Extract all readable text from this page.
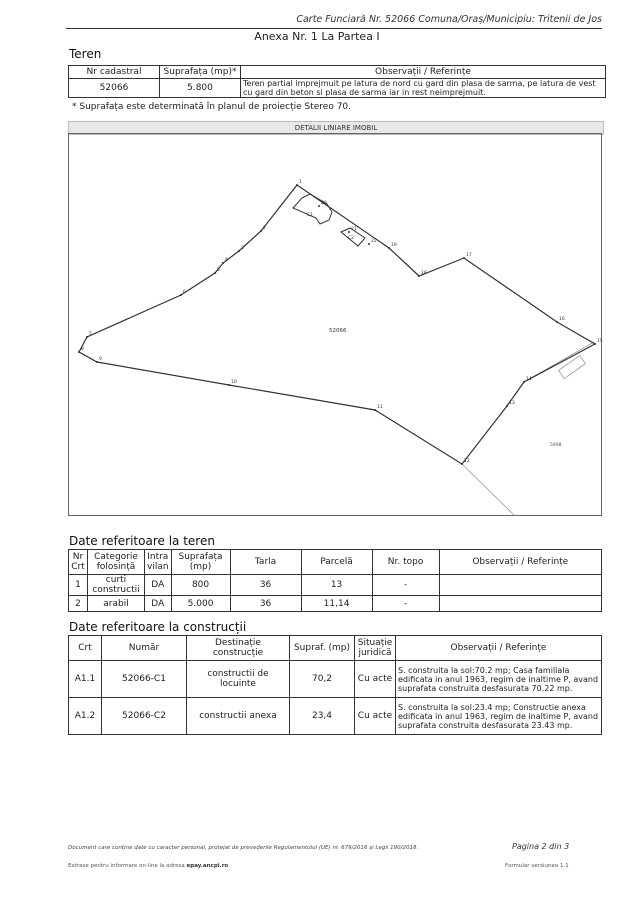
Carte Funciară Nr. 52066 Comuna/Oraș/Municipiu: Tritenii de Jos
Anexa Nr. 1 La Partea I
Teren
Nr cadastral	Suprafața (mp)*	Observații / Referințe
52066	5.800	Teren partial imprejmuit pe latura de nord cu gard din plasa de sarma, pe latura de vest cu gard din beton si plasa de sarma iar in rest neimprejmuit.
* Suprafața este determinată în planul de proiecție Stereo 70.
DETALII LINIARE IMOBIL
1
2
3
4
5
6
7
8
9
10
11
12
13
14
15
16
17
18
19
20
21
22
52066
C1
C2
5998
Date referitoare la teren
Nr Crt	Categorie folosință	Intra vilan	Suprafața (mp)	Tarla	Parcelă	Nr. topo	Observații / Referințe
1	curti constructii	DA	800	36	13	-	
2	arabil	DA	5.000	36	11,14	-	
Date referitoare la construcții
Crt	Număr	Destinație construcție	Supraf. (mp)	Situație juridică	Observații / Referințe
A1.1	52066-C1	constructii de locuinte	70,2	Cu acte	S. construita la sol:70.2 mp; Casa familiala edificata in anul 1963, regim de inaltime P, avand suprafata construita desfasurata 70.22 mp.
A1.2	52066-C2	constructii anexa	23,4	Cu acte	S. construita la sol:23.4 mp; Constructie anexa edificata in anul 1963, regim de inaltime P, avand suprafata construita desfasurata 23.43 mp.
Document care conține date cu caracter personal, protejat de prevederile Regulamentului (UE) nr. 679/2016 și Legii 190/2018.	Pagina 2 din 3
Extrase pentru informare on-line la adresa epay.ancpi.ro	Formular versiunea 1.1
